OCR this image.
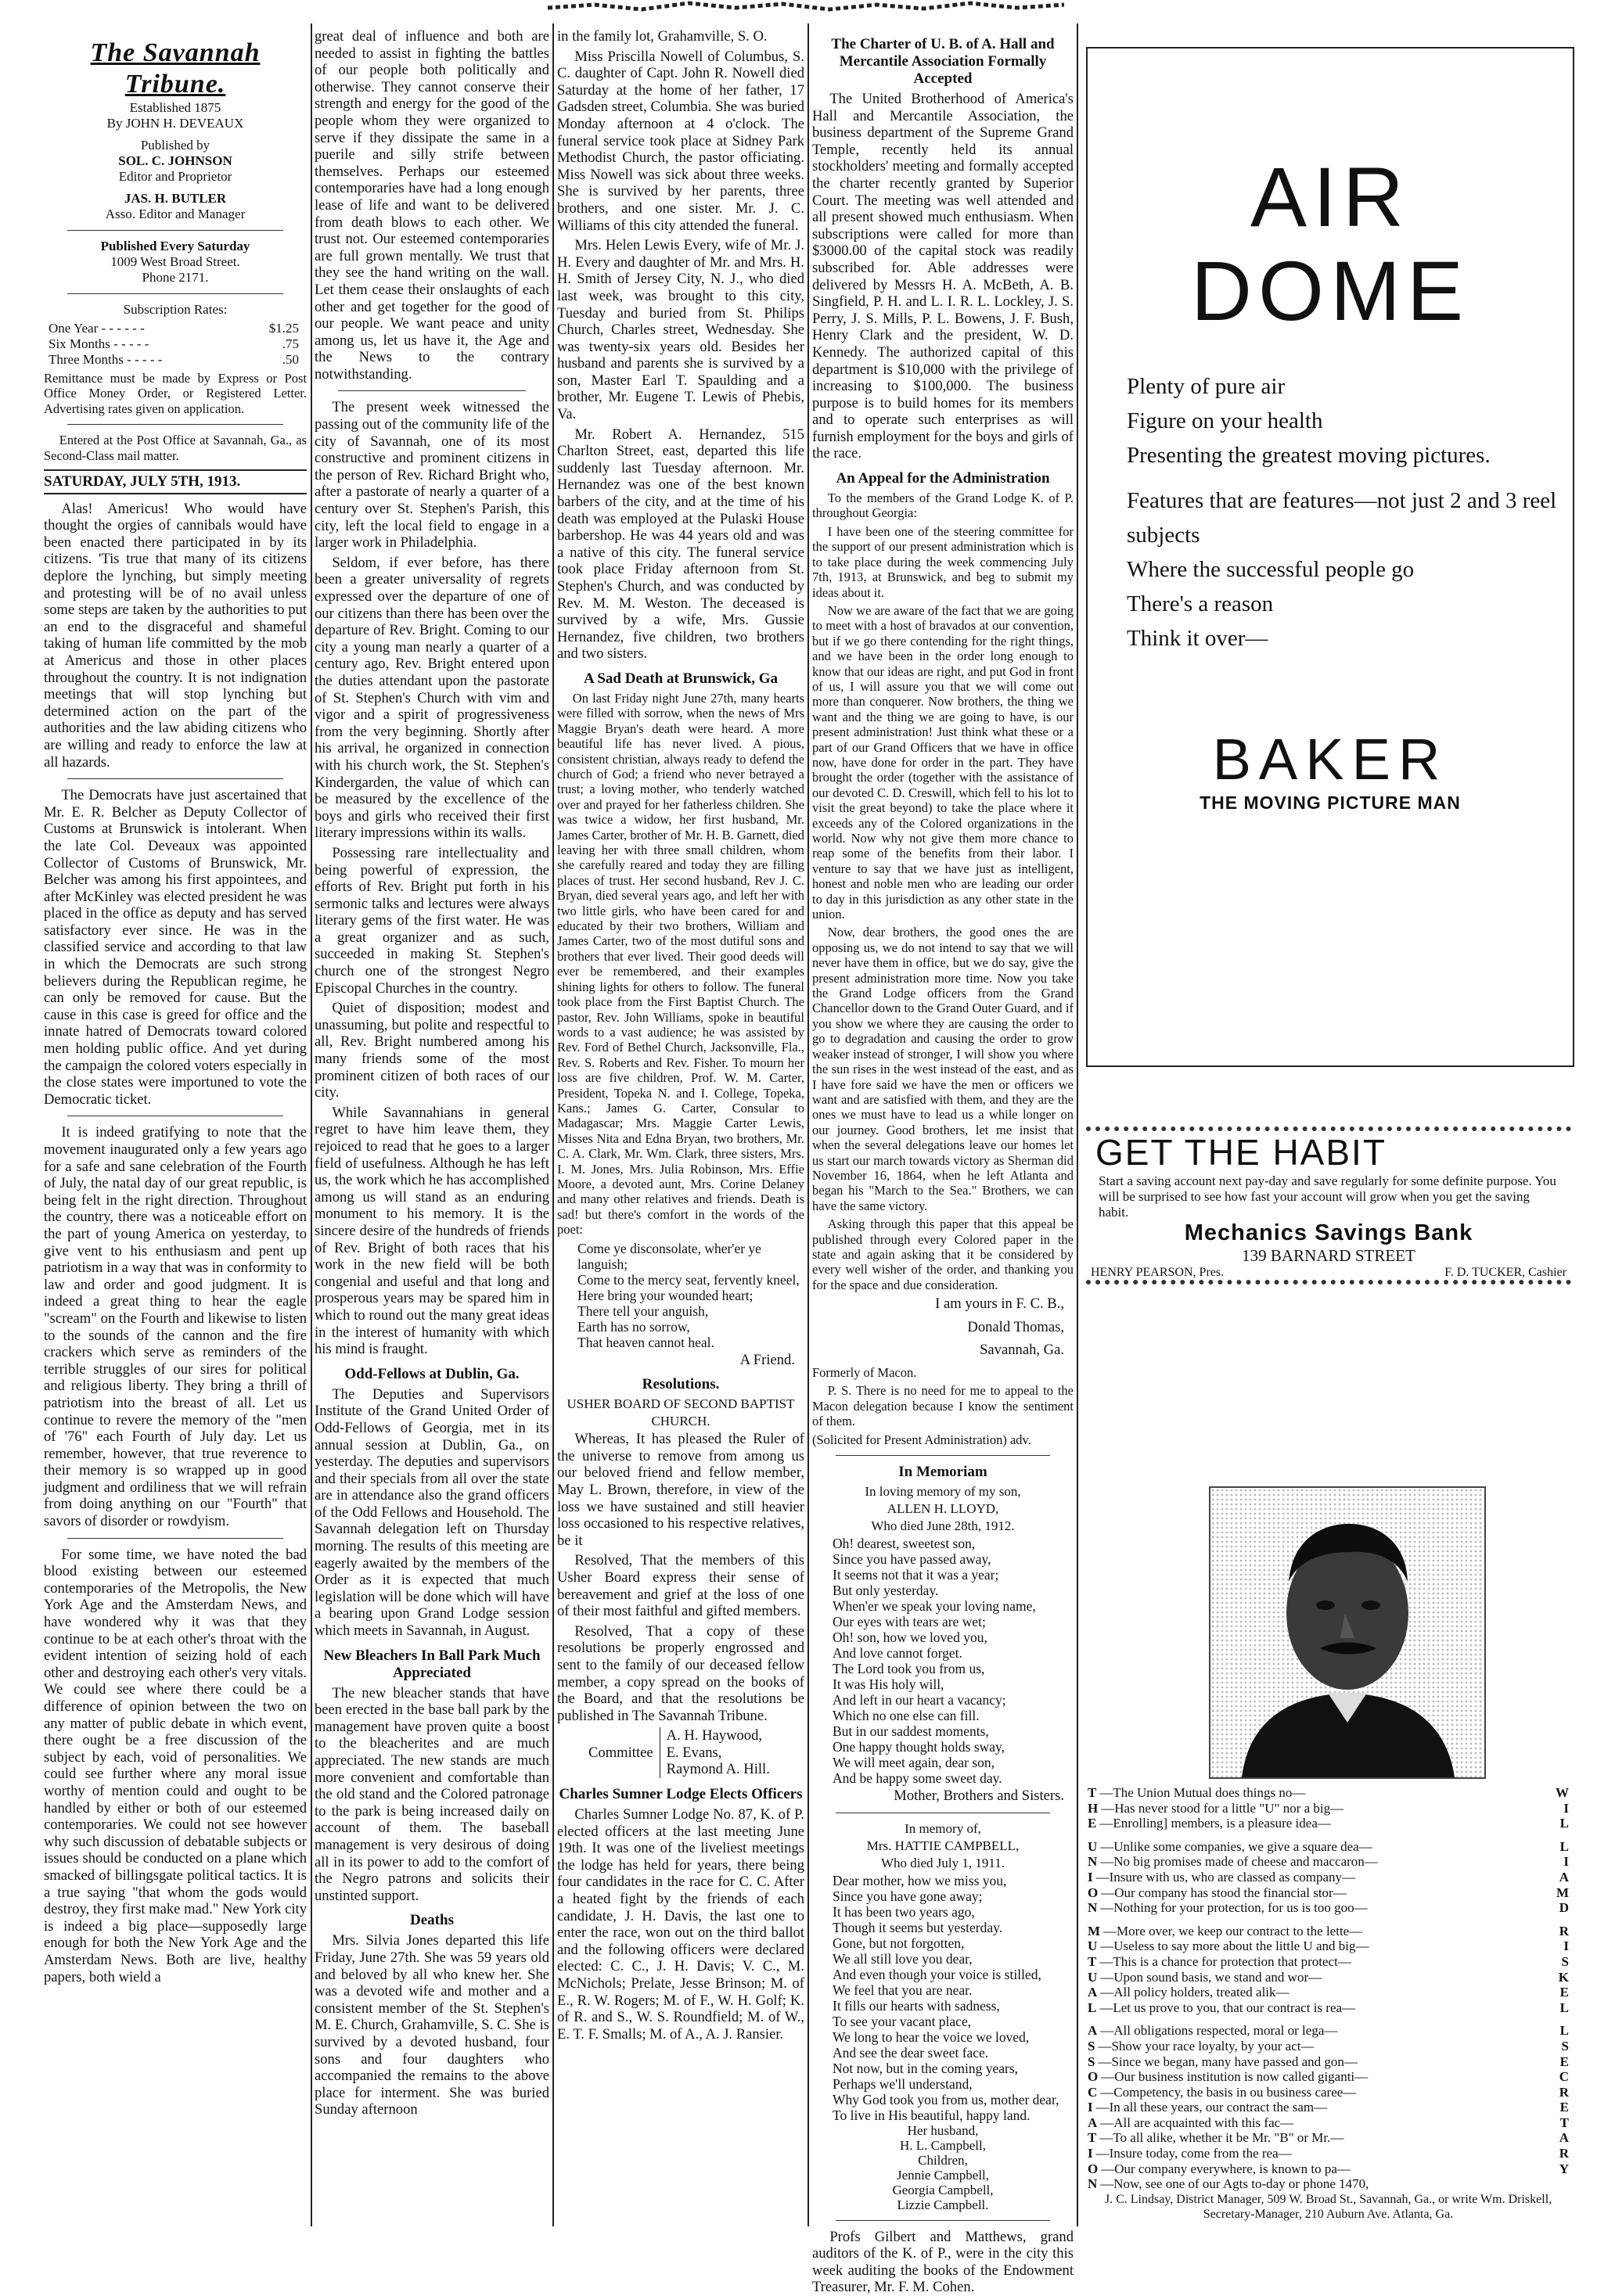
The Savannah Tribune.
Established 1875
By JOHN H. DEVEAUX
Published by
SOL. C. JOHNSON
Editor and Proprietor
JAS. H. BUTLER
Asso. Editor and Manager
Published Every Saturday
1009 West Broad Street.
Phone 2171.
Subscription Rates:
One Year - - - - - -	$1.25
Six Months - - - - -	.75
Three Months - - - - -	.50

Remittance must be made by Express or Post Office Money Order, or Registered Letter. Advertising rates given on application.

Entered at the Post Office at Savannah, Ga., as Second-Class mail matter.

SATURDAY, JULY 5TH, 1913.

Alas! Americus! Who would have thought the orgies of cannibals would have been enacted there participated in by its citizens. 'Tis true that many of its citizens deplore the lynching, but simply meeting and protesting will be of no avail unless some steps are taken by the authorities to put an end to the disgraceful and shameful taking of human life committed by the mob at Americus and those in other places throughout the country. It is not indignation meetings that will stop lynching but determined action on the part of the authorities and the law abiding citizens who are willing and ready to enforce the law at all hazards.

The Democrats have just ascertained that Mr. E. R. Belcher as Deputy Collector of Customs at Brunswick is intolerant. When the late Col. Deveaux was appointed Collector of Customs of Brunswick, Mr. Belcher was among his first appointees, and after McKinley was elected president he was placed in the office as deputy and has served satisfactory ever since. He was in the classified service and according to that law in which the Democrats are such strong believers during the Republican regime, he can only be removed for cause. But the cause in this case is greed for office and the innate hatred of Democrats toward colored men holding public office. And yet during the campaign the colored voters especially in the close states were importuned to vote the Democratic ticket.

It is indeed gratifying to note that the movement inaugurated only a few years ago for a safe and sane celebration of the Fourth of July, the natal day of our great republic, is being felt in the right direction. Throughout the country, there was a noticeable effort on the part of young America on yesterday, to give vent to his enthusiasm and pent up patriotism in a way that was in conformity to law and order and good judgment. It is indeed a great thing to hear the eagle "scream" on the Fourth and likewise to listen to the sounds of the cannon and the fire crackers which serve as reminders of the terrible struggles of our sires for political and religious liberty. They bring a thrill of patriotism into the breast of all. Let us continue to revere the memory of the "men of '76" each Fourth of July day. Let us remember, however, that true reverence to their memory is so wrapped up in good judgment and ordiliness that we will refrain from doing anything on our "Fourth" that savors of disorder or rowdyism.

For some time, we have noted the bad blood existing between our esteemed contemporaries of the Metropolis, the New York Age and the Amsterdam News, and have wondered why it was that they continue to be at each other's throat with the evident intention of seizing hold of each other and destroying each other's very vitals. We could see where there could be a difference of opinion between the two on any matter of public debate in which event, there ought be a free discussion of the subject by each, void of personalities. We could see further where any moral issue worthy of mention could and ought to be handled by either or both of our esteemed contemporaries. We could not see however why such discussion of debatable subjects or issues should be conducted on a plane which smacked of billingsgate political tactics. It is a true saying "that whom the gods would destroy, they first make mad." New York city is indeed a big place—supposedly large enough for both the New York Age and the Amsterdam News. Both are live, healthy papers, both wield a

great deal of influence and both are needed to assist in fighting the battles of our people both politically and otherwise. They cannot conserve their strength and energy for the good of the people whom they were organized to serve if they dissipate the same in a puerile and silly strife between themselves. Perhaps our esteemed contemporaries have had a long enough lease of life and want to be delivered from death blows to each other. We trust not. Our esteemed contemporaries are full grown mentally. We trust that they see the hand writing on the wall. Let them cease their onslaughts of each other and get together for the good of our people. We want peace and unity among us, let us have it, the Age and the News to the contrary notwithstanding.

The present week witnessed the passing out of the community life of the city of Savannah, one of its most constructive and prominent citizens in the person of Rev. Richard Bright who, after a pastorate of nearly a quarter of a century over St. Stephen's Parish, this city, left the local field to engage in a larger work in Philadelphia.

Seldom, if ever before, has there been a greater universality of regrets expressed over the departure of one of our citizens than there has been over the departure of Rev. Bright. Coming to our city a young man nearly a quarter of a century ago, Rev. Bright entered upon the duties attendant upon the pastorate of St. Stephen's Church with vim and vigor and a spirit of progressiveness from the very beginning. Shortly after his arrival, he organized in connection with his church work, the St. Stephen's Kindergarden, the value of which can be measured by the excellence of the boys and girls who received their first literary impressions within its walls.

Possessing rare intellectuality and being powerful of expression, the efforts of Rev. Bright put forth in his sermonic talks and lectures were always literary gems of the first water. He was a great organizer and as such, succeeded in making St. Stephen's church one of the strongest Negro Episcopal Churches in the country.

Quiet of disposition; modest and unassuming, but polite and respectful to all, Rev. Bright numbered among his many friends some of the most prominent citizen of both races of our city.

While Savannahians in general regret to have him leave them, they rejoiced to read that he goes to a larger field of usefulness. Although he has left us, the work which he has accomplished among us will stand as an enduring monument to his memory. It is the sincere desire of the hundreds of friends of Rev. Bright of both races that his work in the new field will be both congenial and useful and that long and prosperous years may be spared him in which to round out the many great ideas in the interest of humanity with which his mind is fraught.

Odd-Fellows at Dublin, Ga.

The Deputies and Supervisors Institute of the Grand United Order of Odd-Fellows of Georgia, met in its annual session at Dublin, Ga., on yesterday. The deputies and supervisors and their specials from all over the state are in attendance also the grand officers of the Odd Fellows and Household. The Savannah delegation left on Thursday morning. The results of this meeting are eagerly awaited by the members of the Order as it is expected that much legislation will be done which will have a bearing upon Grand Lodge session which meets in Savannah, in August.

New Bleachers In Ball Park Much Appreciated

The new bleacher stands that have been erected in the base ball park by the management have proven quite a boost to the bleacherites and are much appreciated. The new stands are much more convenient and comfortable than the old stand and the Colored patronage to the park is being increased daily on account of them. The baseball management is very desirous of doing all in its power to add to the comfort of the Negro patrons and solicits their unstinted support.

Deaths

Mrs. Silvia Jones departed this life Friday, June 27th. She was 59 years old and beloved by all who knew her. She was a devoted wife and mother and a consistent member of the St. Stephen's M. E. Church, Grahamville, S. C. She is survived by a devoted husband, four sons and four daughters who accompanied the remains to the above place for interment. She was buried Sunday afternoon

in the family lot, Grahamville, S. O.

Miss Priscilla Nowell of Columbus, S. C. daughter of Capt. John R. Nowell died Saturday at the home of her father, 17 Gadsden street, Columbia. She was buried Monday afternoon at 4 o'clock. The funeral service took place at Sidney Park Methodist Church, the pastor officiating. Miss Nowell was sick about three weeks. She is survived by her parents, three brothers, and one sister. Mr. J. C. Williams of this city attended the funeral.

Mrs. Helen Lewis Every, wife of Mr. J. H. Every and daughter of Mr. and Mrs. H. H. Smith of Jersey City, N. J., who died last week, was brought to this city, Tuesday and buried from St. Philips Church, Charles street, Wednesday. She was twenty-six years old. Besides her husband and parents she is survived by a son, Master Earl T. Spaulding and a brother, Mr. Eugene T. Lewis of Phebis, Va.

Mr. Robert A. Hernandez, 515 Charlton Street, east, departed this life suddenly last Tuesday afternoon. Mr. Hernandez was one of the best known barbers of the city, and at the time of his death was employed at the Pulaski House barbershop. He was 44 years old and was a native of this city. The funeral service took place Friday afternoon from St. Stephen's Church, and was conducted by Rev. M. M. Weston. The deceased is survived by a wife, Mrs. Gussie Hernandez, five children, two brothers and two sisters.

A Sad Death at Brunswick, Ga

On last Friday night June 27th, many hearts were filled with sorrow, when the news of Mrs Maggie Bryan's death were heard. A more beautiful life has never lived. A pious, consistent christian, always ready to defend the church of God; a friend who never betrayed a trust; a loving mother, who tenderly watched over and prayed for her fatherless children. She was twice a widow, her first husband, Mr. James Carter, brother of Mr. H. B. Garnett, died leaving her with three small children, whom she carefully reared and today they are filling places of trust. Her second husband, Rev J. C. Bryan, died several years ago, and left her with two little girls, who have been cared for and educated by their two brothers, William and James Carter, two of the most dutiful sons and brothers that ever lived. Their good deeds will ever be remembered, and their examples shining lights for others to follow. The funeral took place from the First Baptist Church. The pastor, Rev. John Williams, spoke in beautiful words to a vast audience; he was assisted by Rev. Ford of Bethel Church, Jacksonville, Fla., Rev. S. Roberts and Rev. Fisher. To mourn her loss are five children, Prof. W. M. Carter, President, Topeka N. and I. College, Topeka, Kans.; James G. Carter, Consular to Madagascar; Mrs. Maggie Carter Lewis, Misses Nita and Edna Bryan, two brothers, Mr. C. A. Clark, Mr. Wm. Clark, three sisters, Mrs. I. M. Jones, Mrs. Julia Robinson, Mrs. Effie Moore, a devoted aunt, Mrs. Corine Delaney and many other relatives and friends. Death is sad! but there's comfort in the words of the poet:

Come ye disconsolate, wher'er ye languish;
Come to the mercy seat, fervently kneel,
Here bring your wounded heart;
There tell your anguish,
Earth has no sorrow,
That heaven cannot heal.
A Friend.
Resolutions.
USHER BOARD OF SECOND BAPTIST
CHURCH.

Whereas, It has pleased the Ruler of the universe to remove from among us our beloved friend and fellow member, May L. Brown, therefore, in view of the loss we have sustained and still heavier loss occasioned to his respective relatives, be it

Resolved, That the members of this Usher Board express their sense of bereavement and grief at the loss of one of their most faithful and gifted members.

Resolved, That a copy of these resolutions be properly engrossed and sent to the family of our deceased fellow member, a copy spread on the books of the Board, and that the resolutions be published in The Savannah Tribune.

Committee
A. H. Haywood,
E. Evans,
Raymond A. Hill.
Charles Sumner Lodge Elects Officers

Charles Sumner Lodge No. 87, K. of P. elected officers at the last meeting June 19th. It was one of the liveliest meetings the lodge has held for years, there being four candidates in the race for C. C. After a heated fight by the friends of each candidate, J. H. Davis, the last one to enter the race, won out on the third ballot and the following officers were declared elected: C. C., J. H. Davis; V. C., M. McNichols; Prelate, Jesse Brinson; M. of E., R. W. Rogers; M. of F., W. H. Golf; K. of R. and S., W. S. Roundfield; M. of W., E. T. F. Smalls; M. of A., A. J. Ransier.

The Charter of U. B. of A. Hall and Mercantile Association Formally Accepted

The United Brotherhood of America's Hall and Mercantile Association, the business department of the Supreme Grand Temple, recently held its annual stockholders' meeting and formally accepted the charter recently granted by Superior Court. The meeting was well attended and all present showed much enthusiasm. When subscriptions were called for more than $3000.00 of the capital stock was readily subscribed for. Able addresses were delivered by Messrs H. A. McBeth, A. B. Singfield, P. H. and L. I. R. L. Lockley, J. S. Perry, J. S. Mills, P. L. Bowens, J. F. Bush, Henry Clark and the president, W. D. Kennedy. The authorized capital of this department is $10,000 with the privilege of increasing to $100,000. The business purpose is to build homes for its members and to operate such enterprises as will furnish employment for the boys and girls of the race.

An Appeal for the Administration

To the members of the Grand Lodge K. of P. throughout Georgia:

I have been one of the steering committee for the support of our present administration which is to take place during the week commencing July 7th, 1913, at Brunswick, and beg to submit my ideas about it.

Now we are aware of the fact that we are going to meet with a host of bravados at our convention, but if we go there contending for the right things, and we have been in the order long enough to know that our ideas are right, and put God in front of us, I will assure you that we will come out more than conquerer. Now brothers, the thing we want and the thing we are going to have, is our present administration! Just think what these or a part of our Grand Officers that we have in office now, have done for order in the part. They have brought the order (together with the assistance of our devoted C. D. Creswill, which fell to his lot to visit the great beyond) to take the place where it exceeds any of the Colored organizations in the world. Now why not give them more chance to reap some of the benefits from their labor. I venture to say that we have just as intelligent, honest and noble men who are leading our order to day in this jurisdiction as any other state in the union.

Now, dear brothers, the good ones the are opposing us, we do not intend to say that we will never have them in office, but we do say, give the present administration more time. Now you take the Grand Lodge officers from the Grand Chancellor down to the Grand Outer Guard, and if you show we where they are causing the order to go to degradation and causing the order to grow weaker instead of stronger, I will show you where the sun rises in the west instead of the east, and as I have fore said we have the men or officers we want and are satisfied with them, and they are the ones we must have to lead us a while longer on our journey. Good brothers, let me insist that when the several delegations leave our homes let us start our march towards victory as Sherman did November 16, 1864, when he left Atlanta and began his "March to the Sea." Brothers, we can have the same victory.

Asking through this paper that this appeal be published through every Colored paper in the state and again asking that it be considered by every well wisher of the order, and thanking you for the space and due consideration.

I am yours in F. C. B.,
Donald Thomas,
Savannah, Ga.

Formerly of Macon.

P. S. There is no need for me to appeal to the Macon delegation because I know the sentiment of them.

(Solicited for Present Administration) adv.

In Memoriam
In loving memory of my son,
ALLEN H. LLOYD,
Who died June 28th, 1912.
Oh! dearest, sweetest son,
Since you have passed away,
It seems not that it was a year;
But only yesterday.
When'er we speak your loving name,
Our eyes with tears are wet;
Oh! son, how we loved you,
And love cannot forget.
The Lord took you from us,
It was His holy will,
And left in our heart a vacancy;
Which no one else can fill.
But in our saddest moments,
One happy thought holds sway,
We will meet again, dear son,
And be happy some sweet day.
Mother, Brothers and Sisters.
In memory of,
Mrs. HATTIE CAMPBELL,
Who died July 1, 1911.
Dear mother, how we miss you,
Since you have gone away;
It has been two years ago,
Though it seems but yesterday.
Gone, but not forgotten,
We all still love you dear,
And even though your voice is stilled,
We feel that you are near.
It fills our hearts with sadness,
To see your vacant place,
We long to hear the voice we loved,
And see the dear sweet face.
Not now, but in the coming years,
Perhaps we'll understand,
Why God took you from us, mother dear,
To live in His beautiful, happy land.
Her husband,
H. L. Campbell,
Children,
Jennie Campbell,
Georgia Campbell,
Lizzie Campbell.

Profs Gilbert and Matthews, grand auditors of the K. of P., were in the city this week auditing the books of the Endowment Treasurer, Mr. F. M. Cohen.

AIR
DOME
Plenty of pure air
Figure on your health
Presenting the greatest moving pictures.
Features that are features—not just 2 and 3 reel subjects
Where the successful people go
There's a reason
Think it over—
BAKER
THE MOVING PICTURE MAN
GET THE HABIT
Start a saving account next pay-day and save regularly for some definite purpose. You will be surprised to see how fast your account will grow when you get the saving habit.
Mechanics Savings Bank
139 BARNARD STREET
HENRY PEARSON, Pres.	F. D. TUCKER, Cashier
T —The Union Mutual does things no—	W
H —Has never stood for a little "U" nor a big—	I
E —Enrolling] members, is a pleasure idea—	L
U —Unlike some companies, we give a square dea—	L
N —No big promises made of cheese and maccaron—	I
I —Insure with us, who are classed as company—	A
O —Our company has stood the financial stor—	M
N —Nothing for your protection, for us is too goo—	D
M —More over, we keep our contract to the lette—	R
U —Useless to say more about the little U and big—	I
T —This is a chance for protection that protect—	S
U —Upon sound basis, we stand and wor—	K
A —All policy holders, treated alik—	E
L —Let us prove to you, that our contract is rea—	L
A —All obligations respected, moral or lega—	L
S —Show your race loyalty, by your act—	S
S —Since we began, many have passed and gon—	E
O —Our business institution is now called giganti—	C
C —Competency, the basis in ou business caree—	R
I —In all these years, our contract the sam—	E
A —All are acquainted with this fac—	T
T —To all alike, whether it be Mr. "B" or Mr.—	A
I —Insure today, come from the rea—	R
O —Our company everywhere, is known to pa—	Y
N —Now, see one of our Agts to-day or phone 1470,
J. C. Lindsay, District Manager, 509 W. Broad St., Savannah, Ga., or write Wm. Driskell, Secretary-Manager, 210 Auburn Ave. Atlanta, Ga.
